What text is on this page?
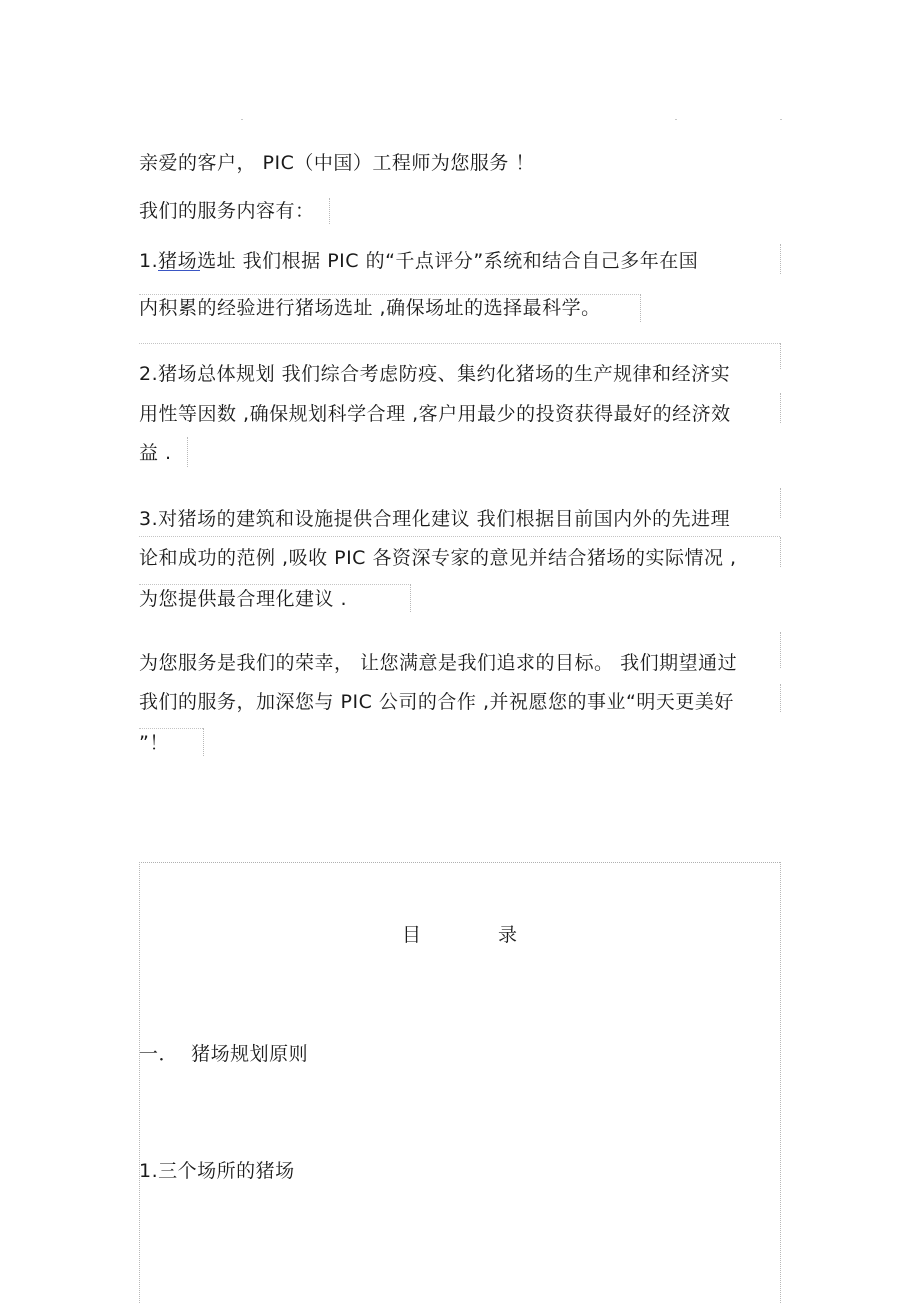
亲爱的客户， PIC（中国）工程师为您服务 ！
我们的服务内容有：
1.猪场选址 我们根据 PIC 的“千点评分”系统和结合自己多年在国
内积累的经验进行猪场选址 ,确保场址的选择最科学。
2.猪场总体规划 我们综合考虑防疫、集约化猪场的生产规律和经济实
用性等因数 ,确保规划科学合理 ,客户用最少的投资获得最好的经济效
益 .
3.对猪场的建筑和设施提供合理化建议 我们根据目前国内外的先进理
论和成功的范例 ,吸收 PIC 各资深专家的意见并结合猪场的实际情况 ,
为您提供最合理化建议 .
为您服务是我们的荣幸， 让您满意是我们追求的目标。 我们期望通过
我们的服务，加深您与 PIC 公司的合作 ,并祝愿您的事业“明天更美好
”！
目	录
一．  猪场规划原则
1.三个场所的猪场
